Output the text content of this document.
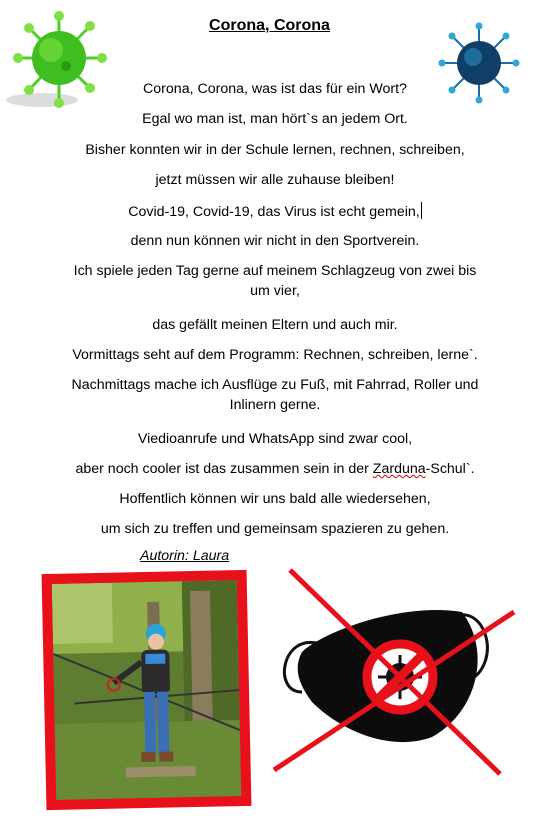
Corona, Corona

Corona, Corona, was ist das für ein Wort?

Egal wo man ist, man hört`s an jedem Ort.

Bisher konnten wir in der Schule lernen, rechnen, schreiben,

jetzt müssen wir alle zuhause bleiben!

Covid-19, Covid-19, das Virus ist echt gemein,

denn nun können wir nicht in den Sportverein.

Ich spiele jeden Tag gerne auf meinem Schlagzeug von zwei bis

um vier,

das gefällt meinen Eltern und auch mir.

Vormittags seht auf dem Programm: Rechnen, schreiben, lerne`.

Nachmittags mache ich Ausflüge zu Fuß, mit Fahrrad, Roller und

Inlinern gerne.

Viedioanrufe und WhatsApp sind zwar cool,

aber noch cooler ist das zusammen sein in der Zarduna-Schul`.

Hoffentlich können wir uns bald alle wiedersehen,

um sich zu treffen und gemeinsam spazieren zu gehen.

Autorin: Laura
